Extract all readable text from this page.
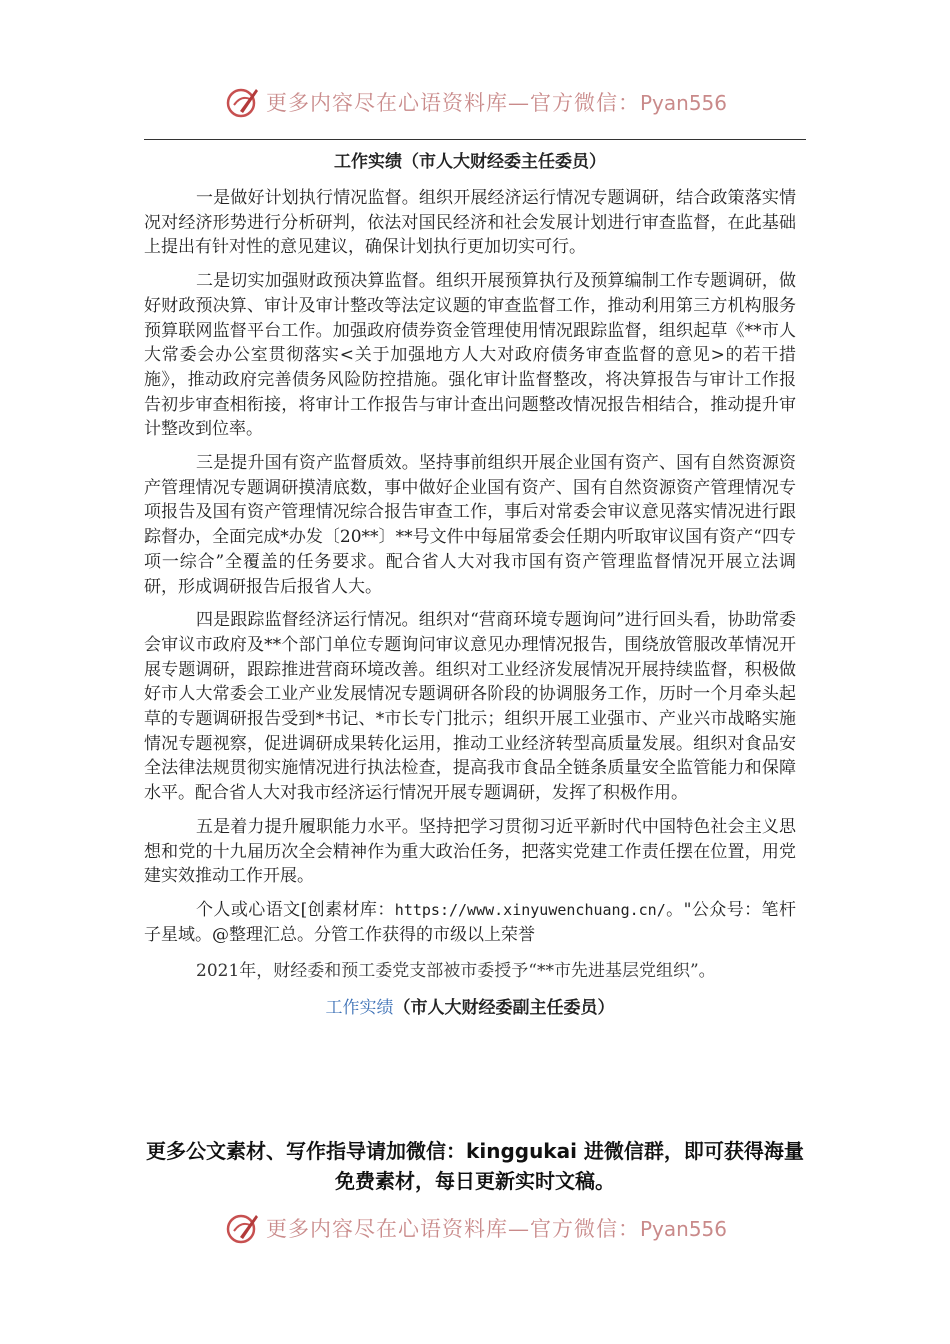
更多内容尽在心语资料库—官方微信：Pyan556
工作实绩（市人大财经委主任委员）

一是做好计划执行情况监督。组织开展经济运行情况专题调研，结合政策落实情况对经济形势进行分析研判，依法对国民经济和社会发展计划进行审查监督，在此基础上提出有针对性的意见建议，确保计划执行更加切实可行。

二是切实加强财政预决算监督。组织开展预算执行及预算编制工作专题调研，做好财政预决算、审计及审计整改等法定议题的审查监督工作，推动利用第三方机构服务预算联网监督平台工作。加强政府债券资金管理使用情况跟踪监督，组织起草《**市人大常委会办公室贯彻落实<关于加强地方人大对政府债务审查监督的意见>的若干措施》，推动政府完善债务风险防控措施。强化审计监督整改，将决算报告与审计工作报告初步审查相衔接，将审计工作报告与审计查出问题整改情况报告相结合，推动提升审计整改到位率。

三是提升国有资产监督质效。坚持事前组织开展企业国有资产、国有自然资源资产管理情况专题调研摸清底数，事中做好企业国有资产、国有自然资源资产管理情况专项报告及国有资产管理情况综合报告审查工作，事后对常委会审议意见落实情况进行跟踪督办，全面完成*办发〔20**〕**号文件中每届常委会任期内听取审议国有资产“四专项一综合”全覆盖的任务要求。配合省人大对我市国有资产管理监督情况开展立法调研，形成调研报告后报省人大。

四是跟踪监督经济运行情况。组织对“营商环境专题询问”进行回头看，协助常委会审议市政府及**个部门单位专题询问审议意见办理情况报告，围绕放管服改革情况开展专题调研，跟踪推进营商环境改善。组织对工业经济发展情况开展持续监督，积极做好市人大常委会工业产业发展情况专题调研各阶段的协调服务工作，历时一个月牵头起草的专题调研报告受到*书记、*市长专门批示；组织开展工业强市、产业兴市战略实施情况专题视察，促进调研成果转化运用，推动工业经济转型高质量发展。组织对食品安全法律法规贯彻实施情况进行执法检查，提高我市食品全链条质量安全监管能力和保障水平。配合省人大对我市经济运行情况开展专题调研，发挥了积极作用。

五是着力提升履职能力水平。坚持把学习贯彻习近平新时代中国特色社会主义思想和党的十九届历次全会精神作为重大政治任务，把落实党建工作责任摆在位置，用党建实效推动工作开展。

个人或心语文[创素材库：https://www.xinyuwenchuang.cn/。"公众号：笔杆子星域。@整理汇总。分管工作获得的市级以上荣誉

2021年，财经委和预工委党支部被市委授予“**市先进基层党组织”。

工作实绩（市人大财经委副主任委员）
更多公文素材、写作指导请加微信：kinggukai 进微信群，即可获得海量免费素材，每日更新实时文稿。
更多内容尽在心语资料库—官方微信：Pyan556
